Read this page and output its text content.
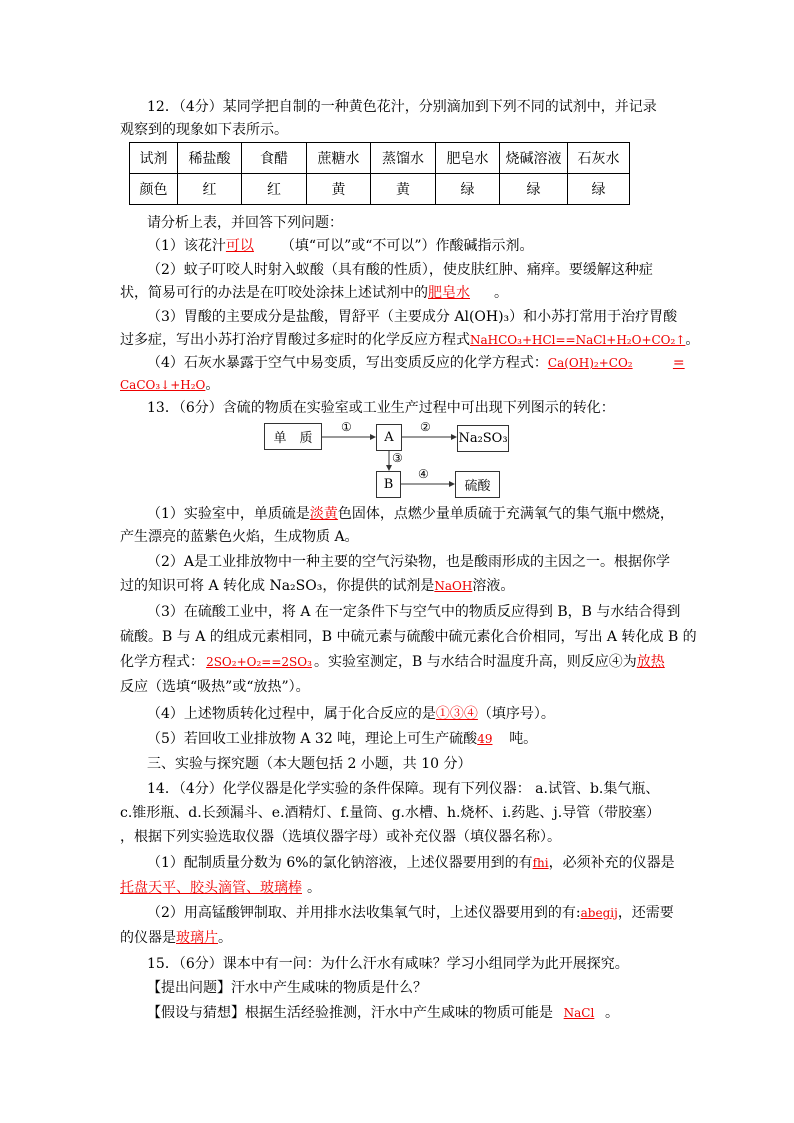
12．（4分）某同学把自制的一种黄色花汁，分别滴加到下列不同的试剂中，并记录
观察到的现象如下表所示。
试剂	稀盐酸	食醋	蔗糖水	蒸馏水	肥皂水	烧碱溶液	石灰水
颜色	红	红	黄	黄	绿	绿	绿
请分析上表，并回答下列问题：
（1）该花汁可以 （填“可以”或“不可以”）作酸碱指示剂。
（2）蚊子叮咬人时射入蚁酸（具有酸的性质），使皮肤红肿、痛痒。要缓解这种症
状，简易可行的办法是在叮咬处涂抹上述试剂中的肥皂水 。
（3）胃酸的主要成分是盐酸，胃舒平（主要成分 Al(OH)₃）和小苏打常用于治疗胃酸
过多症，写出小苏打治疗胃酸过多症时的化学反应方程式NaHCO₃+HCl==NaCl+H₂O+CO₂↑。
（4）石灰水暴露于空气中易变质，写出变质反应的化学方程式：Ca(OH)₂+CO₂	=
CaCO₃↓+H₂O。
13．（6分）含硫的物质在实验室或工业生产过程中可出现下列图示的转化：
单　质	A	Na₂SO₃
B	硫酸
①	②
③
④
（1）实验室中，单质硫是淡黄色固体，点燃少量单质硫于充满氧气的集气瓶中燃烧，
产生漂亮的蓝紫色火焰，生成物质 A。
（2）A是工业排放物中一种主要的空气污染物，也是酸雨形成的主因之一。根据你学
过的知识可将 A 转化成 Na₂SO₃，你提供的试剂是NaOH溶液。
（3）在硫酸工业中，将 A 在一定条件下与空气中的物质反应得到 B，B 与水结合得到
硫酸。B 与 A 的组成元素相同，B 中硫元素与硫酸中硫元素化合价相同，写出 A 转化成 B 的
化学方程式： 2SO₂+O₂==2SO₃ 。实验室测定，B 与水结合时温度升高，则反应④为放热
反应（选填“吸热”或“放热”）。
（4）上述物质转化过程中，属于化合反应的是①③④（填序号）。
（5）若回收工业排放物 A 32 吨，理论上可生产硫酸49 吨。
三、实验与探究题（本大题包括 2 小题，共 10 分）
14．（4分）化学仪器是化学实验的条件保障。现有下列仪器： a.试管、b.集气瓶、
c.锥形瓶、d.长颈漏斗、e.酒精灯、f.量筒、g.水槽、h.烧杯、i.药匙、j.导管（带胶塞）
，根据下列实验选取仪器（选填仪器字母）或补充仪器（填仪器名称）。
（1）配制质量分数为 6%的氯化钠溶液，上述仪器要用到的有fhi，必须补充的仪器是
托盘天平、胶头滴管、玻璃棒 。
（2）用高锰酸钾制取、并用排水法收集氧气时，上述仪器要用到的有:abegij，还需要
的仪器是玻璃片。
15．（6分）课本中有一问：为什么汗水有咸味？学习小组同学为此开展探究。
【提出问题】汗水中产生咸味的物质是什么？
【假设与猜想】根据生活经验推测，汗水中产生咸味的物质可能是 NaCl 。
